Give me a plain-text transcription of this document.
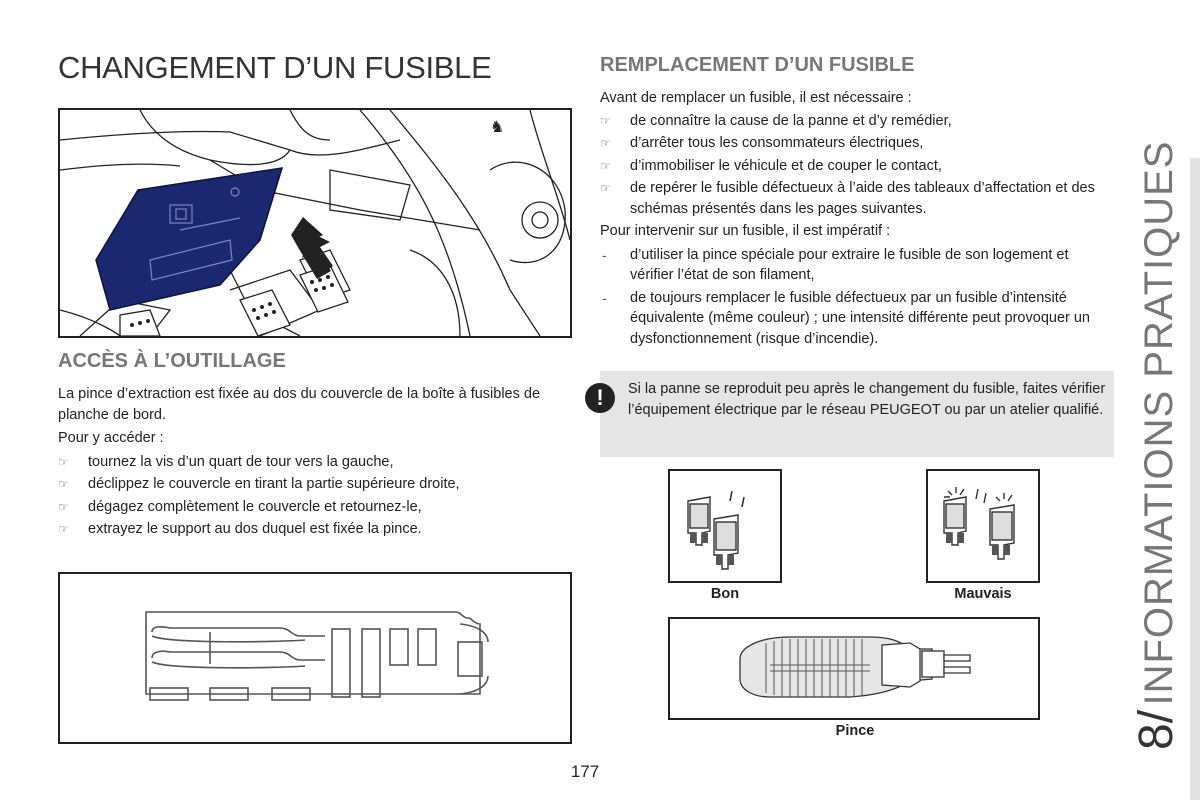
CHANGEMENT D’UN FUSIBLE
♞
ACCÈS À L’OUTILLAGE
La pince d’extraction est fixée au dos du couvercle de la boîte à fusibles de planche de bord.
Pour y accéder :
☞	tournez la vis d’un quart de tour vers la gauche,
☞	déclippez le couvercle en tirant la partie supérieure droite,
☞	dégagez complètement le couvercle et retournez-le,
☞	extrayez le support au dos duquel est fixée la pince.
REMPLACEMENT D’UN FUSIBLE
Avant de remplacer un fusible, il est nécessaire :
☞	de connaître la cause de la panne et d’y remédier,
☞	d’arrêter tous les consommateurs électriques,
☞	d’immobiliser le véhicule et de couper le contact,
☞	de repérer le fusible défectueux à l’aide des tableaux d’affectation et des schémas présentés dans les pages suivantes.
Pour intervenir sur un fusible, il est impératif :
-	d’utiliser la pince spéciale pour extraire le fusible de son logement et vérifier l’état de son filament,
-	de toujours remplacer le fusible défectueux par un fusible d’intensité équivalente (même couleur) ; une intensité différente peut provoquer un dysfonctionnement (risque d’incendie).
!	Si la panne se reproduit peu après le changement du fusible, faites vérifier l’équipement électrique par le réseau PEUGEOT ou par un atelier qualifié.
Bon	Mauvais
Pince
177
8/ INFORMATIONS PRATIQUES
